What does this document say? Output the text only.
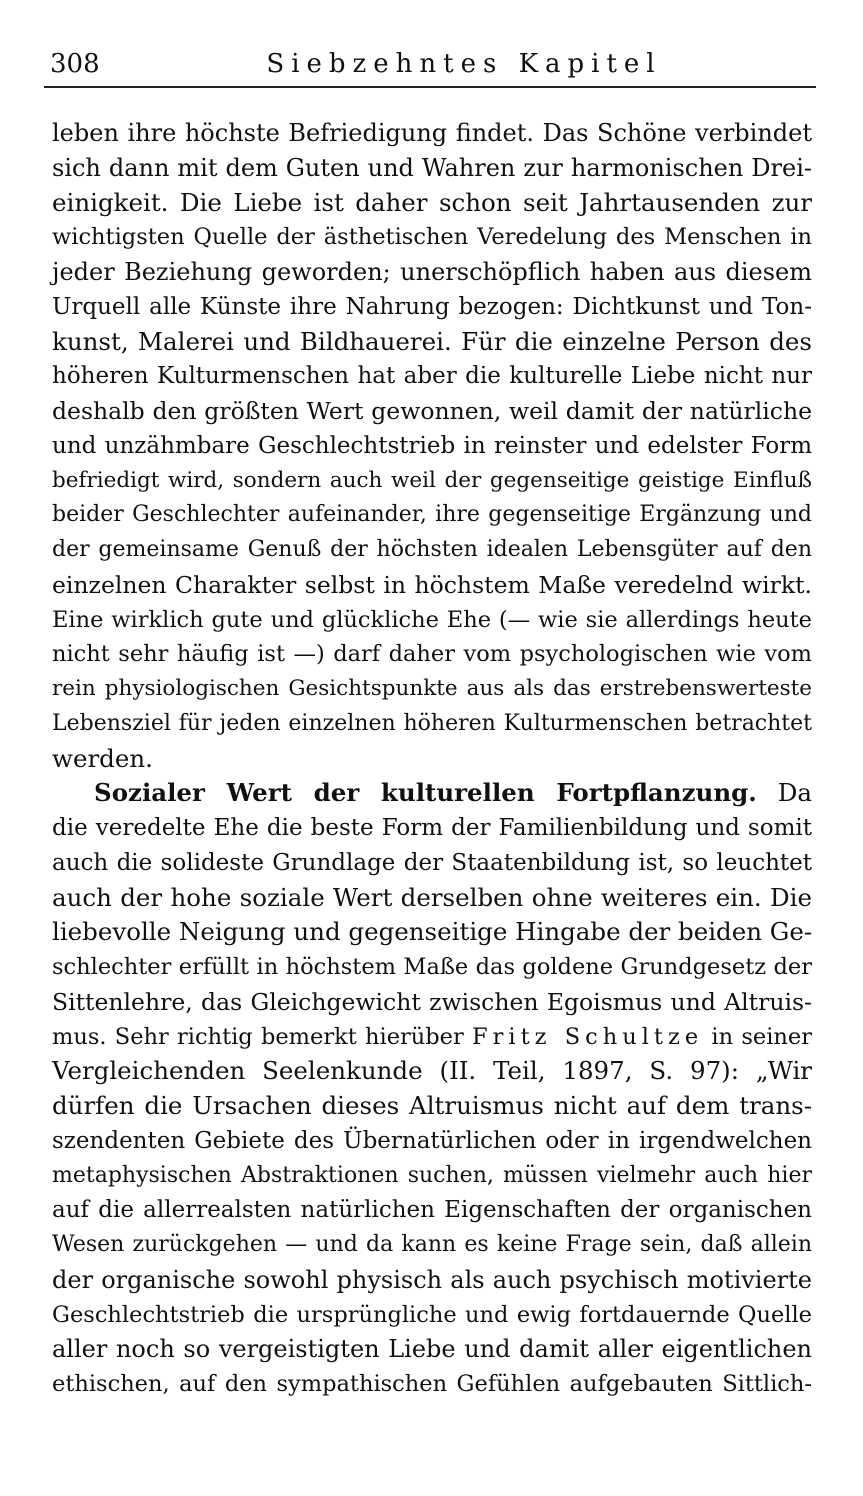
308	Siebzehntes Kapitel
leben ihre höchste Befriedigung findet. Das Schöne verbindet
sich dann mit dem Guten und Wahren zur harmonischen Drei-
einigkeit. Die Liebe ist daher schon seit Jahrtausenden zur
wichtigsten Quelle der ästhetischen Veredelung des Menschen in
jeder Beziehung geworden; unerschöpflich haben aus diesem
Urquell alle Künste ihre Nahrung bezogen: Dichtkunst und Ton-
kunst, Malerei und Bildhauerei. Für die einzelne Person des
höheren Kulturmenschen hat aber die kulturelle Liebe nicht nur
deshalb den größten Wert gewonnen, weil damit der natürliche
und unzähmbare Geschlechtstrieb in reinster und edelster Form
befriedigt wird, sondern auch weil der gegenseitige geistige Einfluß
beider Geschlechter aufeinander, ihre gegenseitige Ergänzung und
der gemeinsame Genuß der höchsten idealen Lebensgüter auf den
einzelnen Charakter selbst in höchstem Maße veredelnd wirkt.
Eine wirklich gute und glückliche Ehe (— wie sie allerdings heute
nicht sehr häufig ist —) darf daher vom psychologischen wie vom
rein physiologischen Gesichtspunkte aus als das erstrebenswerteste
Lebensziel für jeden einzelnen höheren Kulturmenschen betrachtet
werden.
Sozialer Wert der kulturellen Fortpflanzung. Da
die veredelte Ehe die beste Form der Familienbildung und somit
auch die solideste Grundlage der Staatenbildung ist, so leuchtet
auch der hohe soziale Wert derselben ohne weiteres ein. Die
liebevolle Neigung und gegenseitige Hingabe der beiden Ge-
schlechter erfüllt in höchstem Maße das goldene Grundgesetz der
Sittenlehre, das Gleichgewicht zwischen Egoismus und Altruis-
mus. Sehr richtig bemerkt hierüber Fritz Schultze in seiner
Vergleichenden Seelenkunde (II. Teil, 1897, S. 97): „Wir
dürfen die Ursachen dieses Altruismus nicht auf dem trans-
szendenten Gebiete des Übernatürlichen oder in irgendwelchen
metaphysischen Abstraktionen suchen, müssen vielmehr auch hier
auf die allerrealsten natürlichen Eigenschaften der organischen
Wesen zurückgehen — und da kann es keine Frage sein, daß allein
der organische sowohl physisch als auch psychisch motivierte
Geschlechtstrieb die ursprüngliche und ewig fortdauernde Quelle
aller noch so vergeistigten Liebe und damit aller eigentlichen
ethischen, auf den sympathischen Gefühlen aufgebauten Sittlich-
